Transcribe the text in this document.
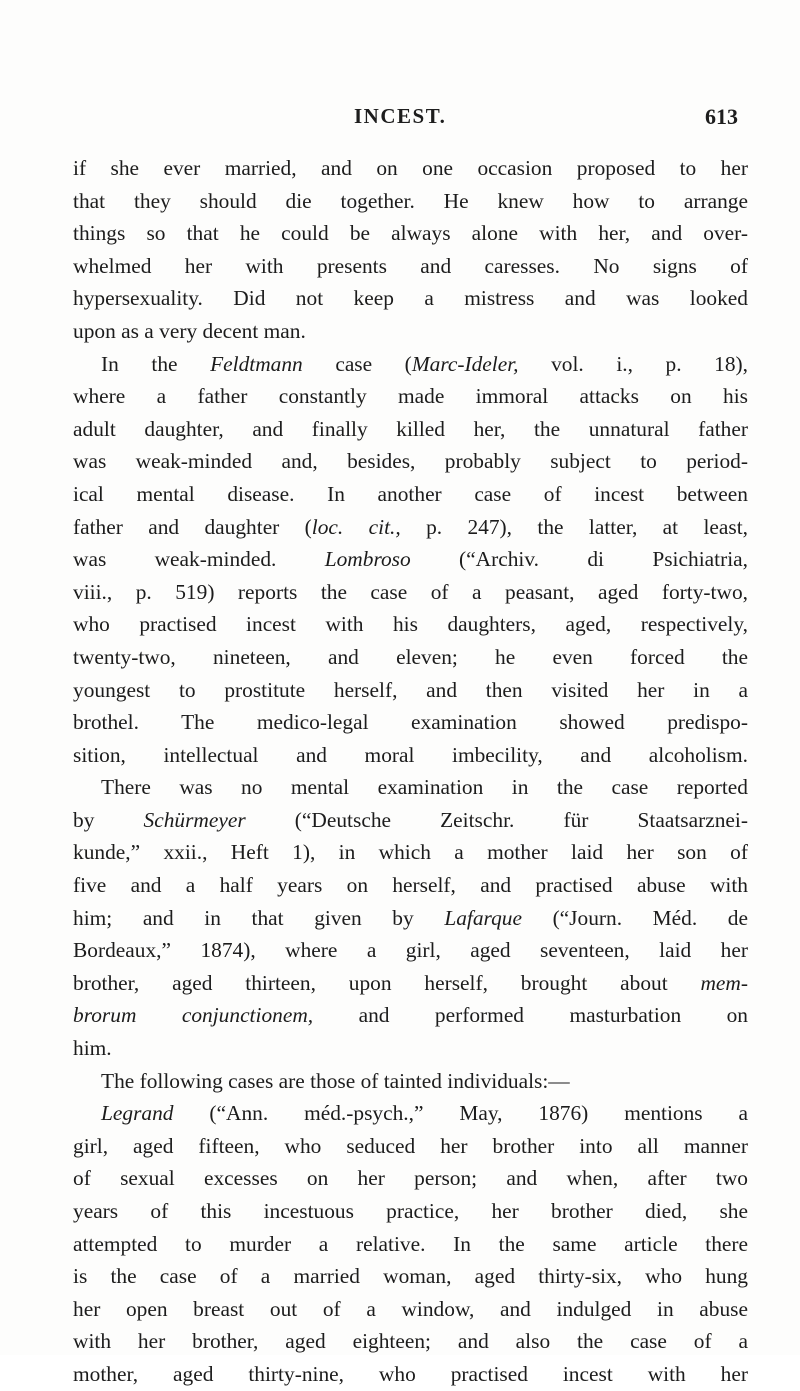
INCEST.	613
if she ever married, and on one occasion proposed to her
that they should die together. He knew how to arrange
things so that he could be always alone with her, and over-
whelmed her with presents and caresses. No signs of
hypersexuality. Did not keep a mistress and was looked
upon as a very decent man.
In the Feldtmann case (Marc-Ideler, vol. i., p. 18),
where a father constantly made immoral attacks on his
adult daughter, and finally killed her, the unnatural father
was weak-minded and, besides, probably subject to period-
ical mental disease. In another case of incest between
father and daughter (loc. cit., p. 247), the latter, at least,
was weak-minded. Lombroso (“Archiv. di Psichiatria,
viii., p. 519) reports the case of a peasant, aged forty-two,
who practised incest with his daughters, aged, respectively,
twenty-two, nineteen, and eleven; he even forced the
youngest to prostitute herself, and then visited her in a
brothel. The medico-legal examination showed predispo-
sition, intellectual and moral imbecility, and alcoholism.
There was no mental examination in the case reported
by Schürmeyer (“Deutsche Zeitschr. für Staatsarznei-
kunde,” xxii., Heft 1), in which a mother laid her son of
five and a half years on herself, and practised abuse with
him; and in that given by Lafarque (“Journ. Méd. de
Bordeaux,” 1874), where a girl, aged seventeen, laid her
brother, aged thirteen, upon herself, brought about mem-
brorum conjunctionem, and performed masturbation on
him.
The following cases are those of tainted individuals:—
Legrand (“Ann. méd.-psych.,” May, 1876) mentions a
girl, aged fifteen, who seduced her brother into all manner
of sexual excesses on her person; and when, after two
years of this incestuous practice, her brother died, she
attempted to murder a relative. In the same article there
is the case of a married woman, aged thirty-six, who hung
her open breast out of a window, and indulged in abuse
with her brother, aged eighteen; and also the case of a
mother, aged thirty-nine, who practised incest with her
